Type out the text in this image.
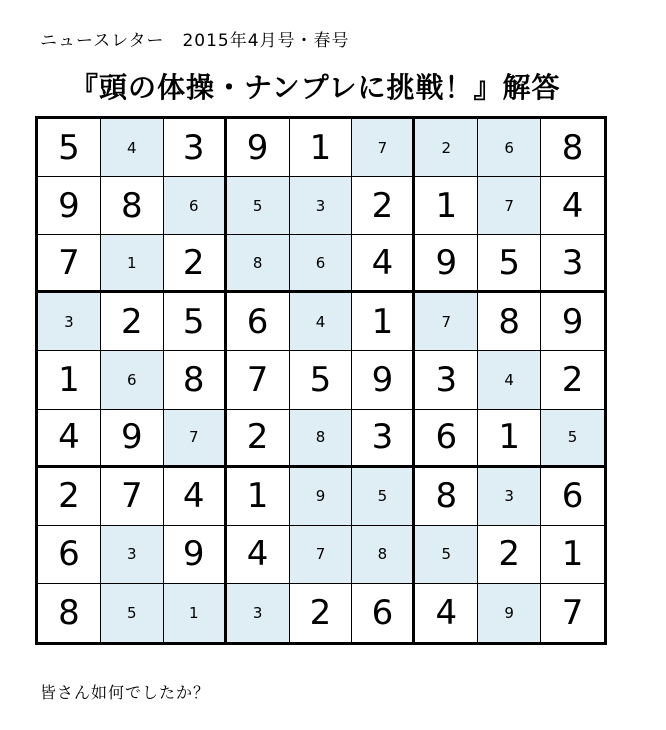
ニュースレター　2015年4月号・春号
『頭の体操・ナンプレに挑戦！』解答
5	4	3	9	1	7	2	6	8
9	8	6	5	3	2	1	7	4
7	1	2	8	6	4	9	5	3
3	2	5	6	4	1	7	8	9
1	6	8	7	5	9	3	4	2
4	9	7	2	8	3	6	1	5
2	7	4	1	9	5	8	3	6
6	3	9	4	7	8	5	2	1
8	5	1	3	2	6	4	9	7
皆さん如何でしたか？
